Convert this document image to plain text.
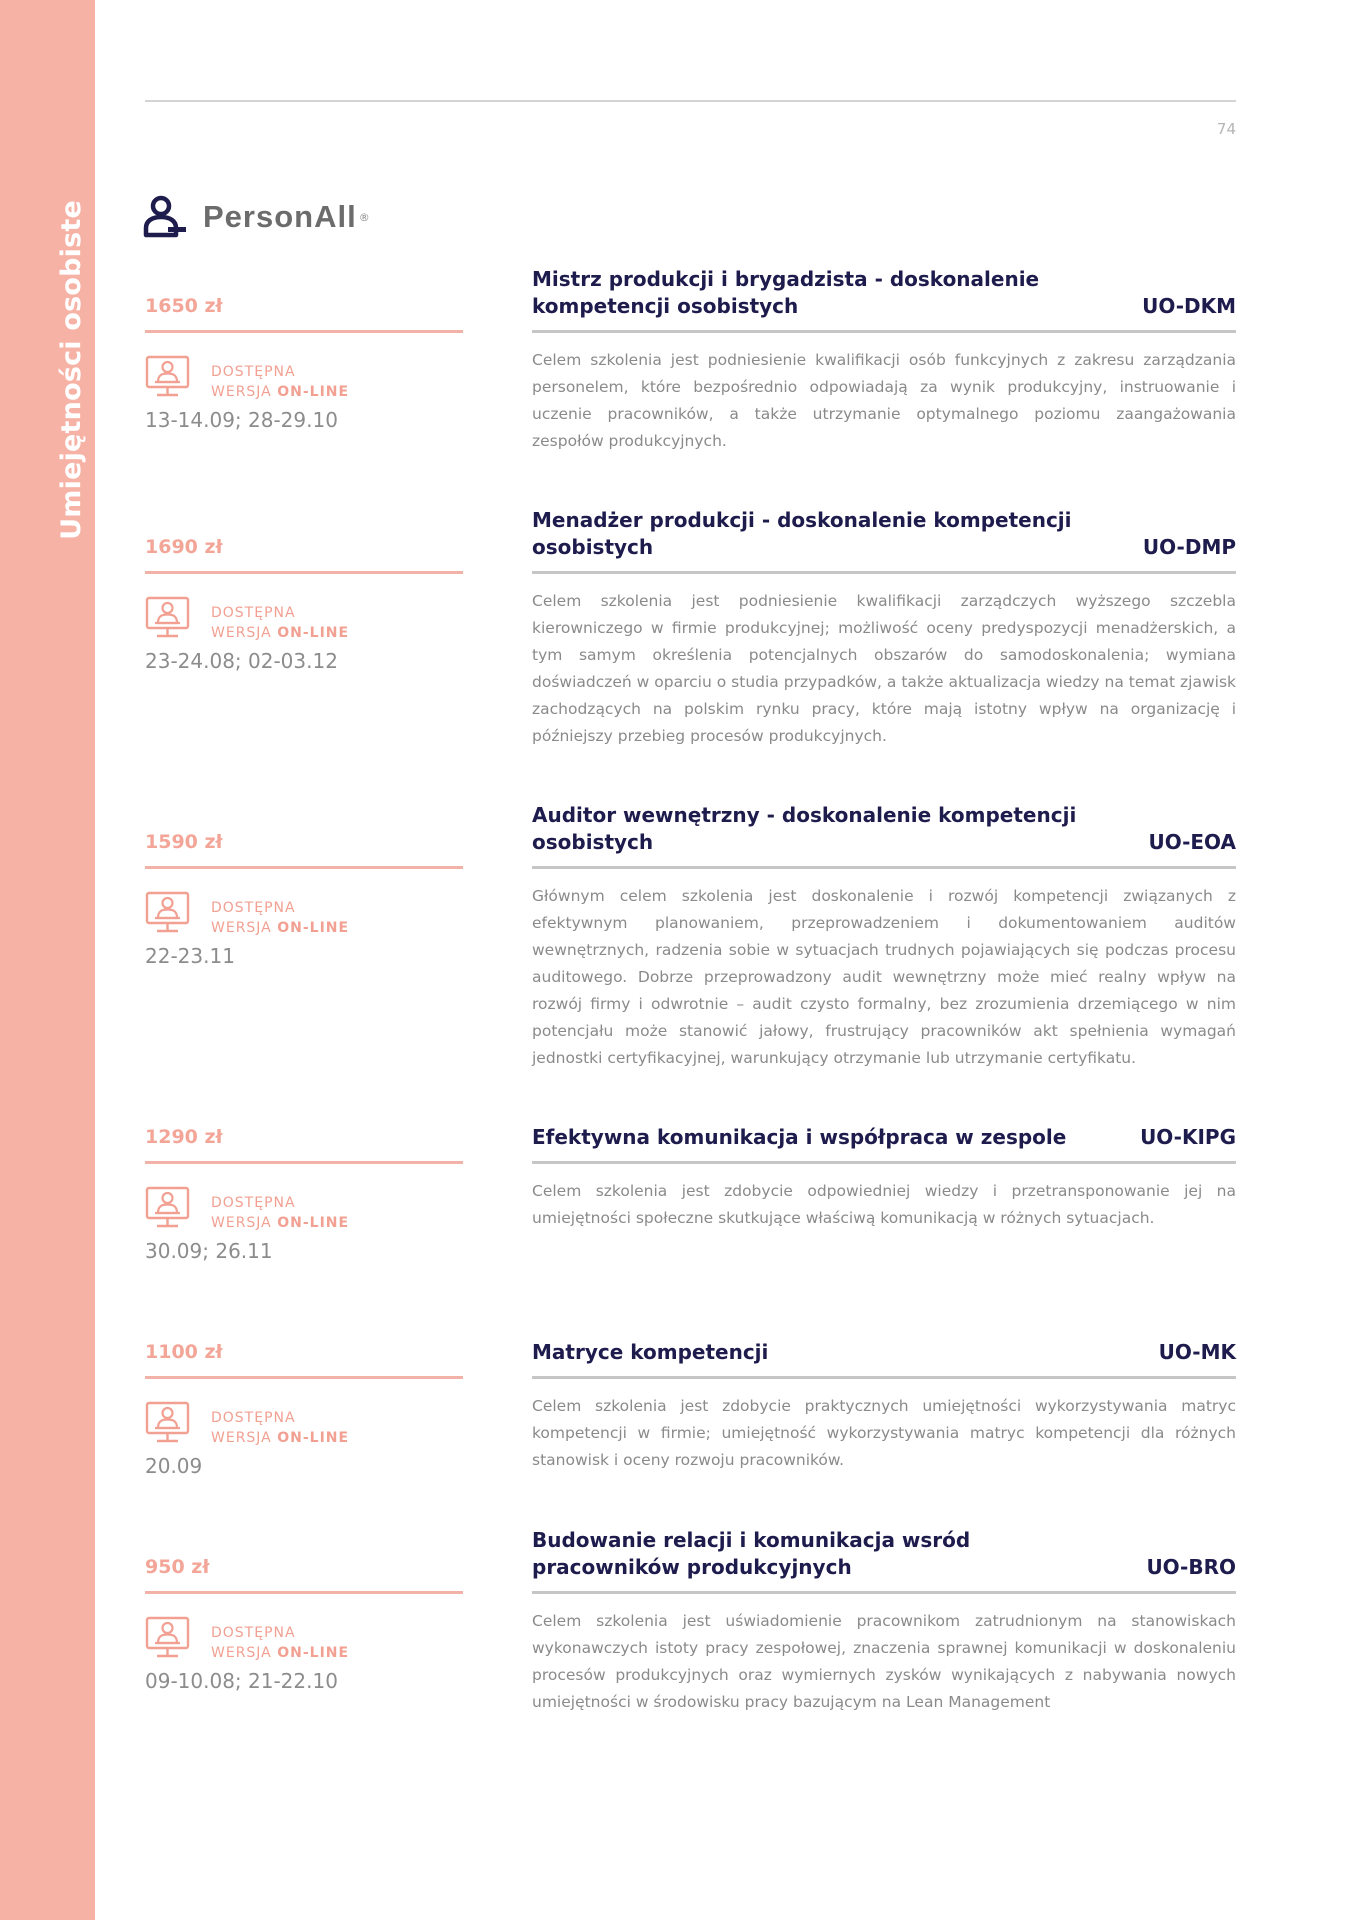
Umiejętności osobiste
74
PersonAll ®
1650 zł
DOSTĘPNA
WERSJA ON-LINE
13-14.09; 28-29.10
Mistrz produkcji i brygadzista - doskonalenie kompetencji osobistych	UO-DKM
Celem szkolenia jest podniesienie kwalifikacji osób funkcyjnych z zakresu zarządzania personelem, które bezpośrednio odpowiadają za wynik produkcyjny, instruowanie i uczenie pracowników, a także utrzymanie optymalnego poziomu zaangażowania zespołów produkcyjnych.
1690 zł
DOSTĘPNA
WERSJA ON-LINE
23-24.08; 02-03.12
Menadżer produkcji - doskonalenie kompetencji osobistych	UO-DMP
Celem szkolenia jest podniesienie kwalifikacji zarządczych wyższego szczebla kierowniczego w firmie produkcyjnej; możliwość oceny predyspozycji menadżerskich, a tym samym określenia potencjalnych obszarów do samodoskonalenia; wymiana doświadczeń w oparciu o studia przypadków, a także aktualizacja wiedzy na temat zjawisk zachodzących na polskim rynku pracy, które mają istotny wpływ na organizację i późniejszy przebieg procesów produkcyjnych.
1590 zł
DOSTĘPNA
WERSJA ON-LINE
22-23.11
Auditor wewnętrzny - doskonalenie kompetencji osobistych	UO-EOA
Głównym celem szkolenia jest doskonalenie i rozwój kompetencji związanych z efektywnym planowaniem, przeprowadzeniem i dokumentowaniem auditów wewnętrznych, radzenia sobie w sytuacjach trudnych pojawiających się podczas procesu auditowego. Dobrze przeprowadzony audit wewnętrzny może mieć realny wpływ na rozwój firmy i odwrotnie – audit czysto formalny, bez zrozumienia drzemiącego w nim potencjału może stanowić jałowy, frustrujący pracowników akt spełnienia wymagań jednostki certyfikacyjnej, warunkujący otrzymanie lub utrzymanie certyfikatu.
1290 zł
DOSTĘPNA
WERSJA ON-LINE
30.09; 26.11
Efektywna komunikacja i współpraca w zespole	UO-KIPG
Celem szkolenia jest zdobycie odpowiedniej wiedzy i przetransponowanie jej na umiejętności społeczne skutkujące właściwą komunikacją w różnych sytuacjach.
1100 zł
DOSTĘPNA
WERSJA ON-LINE
20.09
Matryce kompetencji	UO-MK
Celem szkolenia jest zdobycie praktycznych umiejętności wykorzystywania matryc kompetencji w firmie; umiejętność wykorzystywania matryc kompetencji dla różnych stanowisk i oceny rozwoju pracowników.
950 zł
DOSTĘPNA
WERSJA ON-LINE
09-10.08; 21-22.10
Budowanie relacji i komunikacja wsród pracowników produkcyjnych	UO-BRO
Celem szkolenia jest uświadomienie pracownikom zatrudnionym na stanowiskach wykonawczych istoty pracy zespołowej, znaczenia sprawnej komunikacji w doskonaleniu procesów produkcyjnych oraz wymiernych zysków wynikających z nabywania nowych umiejętności w środowisku pracy bazującym na Lean Management
